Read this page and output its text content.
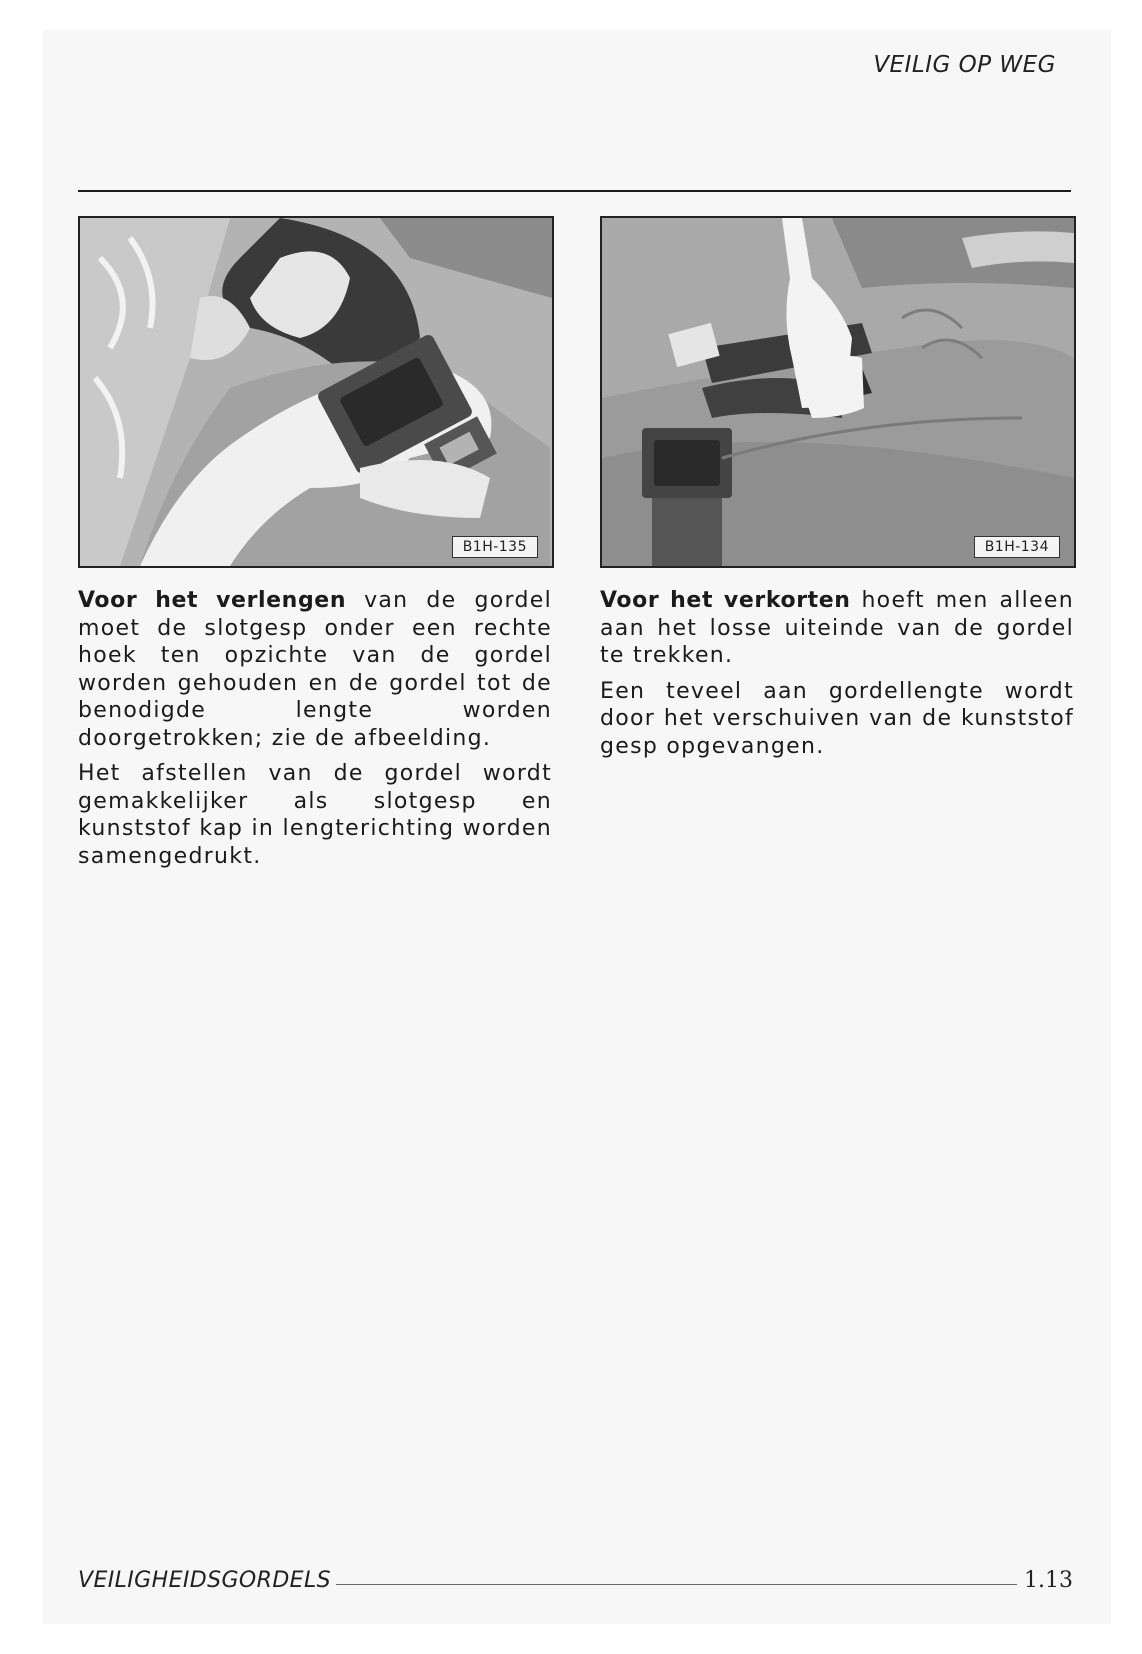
VEILIG OP WEG
B1H-135	B1H-134

Voor het verlengen van de gordel moet de slotgesp onder een rechte hoek ten opzichte van de gordel worden gehouden en de gordel tot de benodigde lengte worden doorgetrokken; zie de afbeelding.

Het afstellen van de gordel wordt gemakkelijker als slotgesp en kunststof kap in lengterichting worden samengedrukt.

Voor het verkorten hoeft men alleen aan het losse uiteinde van de gordel te trekken.

Een teveel aan gordellengte wordt door het verschuiven van de kunststof gesp opgevangen.

VEILIGHEIDSGORDELS	1.13
